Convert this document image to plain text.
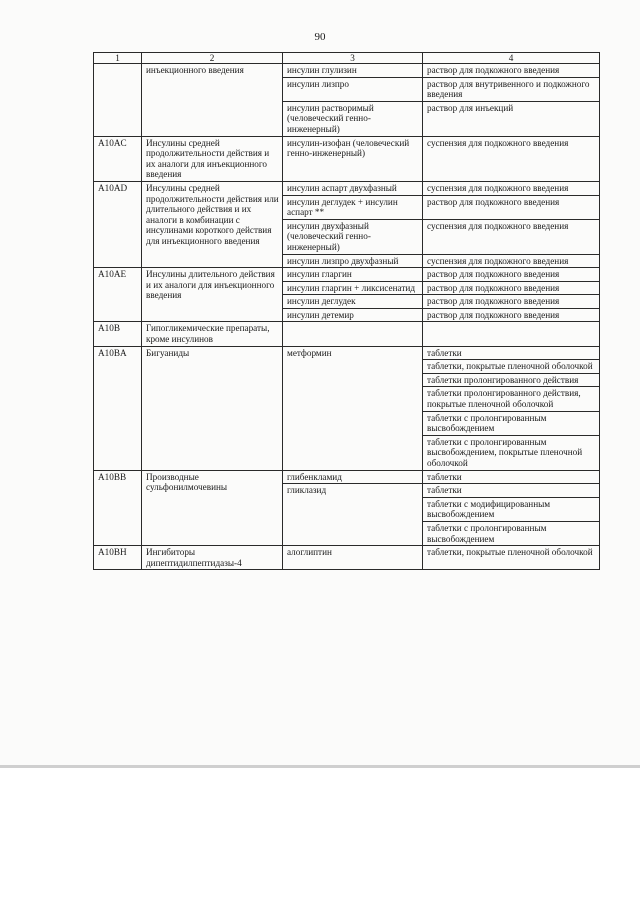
90
1	2	3	4
	инъекционного введения	инсулин глулизин	раствор для подкожного введения
		инсулин лизпро	раствор для внутривенного и подкожного введения
		инсулин растворимый (человеческий генно-инженерный)	раствор для инъекций
A10AC	Инсулины средней продолжительности действия и их аналоги для инъекционного введения	инсулин-изофан (человеческий генно-инженерный)	суспензия для подкожного введения
A10AD	Инсулины средней продолжительности действия или длительного действия и их аналоги в комбинации с инсулинами короткого действия для инъекционного введения	инсулин аспарт двухфазный	суспензия для подкожного введения
		инсулин деглудек + инсулин аспарт **	раствор для подкожного введения
		инсулин двухфазный (человеческий генно-инженерный)	суспензия для подкожного введения
		инсулин лизпро двухфазный	суспензия для подкожного введения
A10AE	Инсулины длительного действия и их аналоги для инъекционного введения	инсулин гларгин	раствор для подкожного введения
		инсулин гларгин + ликсисенатид	раствор для подкожного введения
		инсулин деглудек	раствор для подкожного введения
		инсулин детемир	раствор для подкожного введения
A10B	Гипогликемические препараты, кроме инсулинов		
A10BA	Бигуаниды	метформин	таблетки
			таблетки, покрытые пленочной оболочкой
			таблетки пролонгированного действия
			таблетки пролонгированного действия, покрытые пленочной оболочкой
			таблетки с пролонгированным высвобождением
			таблетки с пролонгированным высвобождением, покрытые пленочной оболочкой
A10BB	Производные сульфонилмочевины	глибенкламид	таблетки
		гликлазид	таблетки
			таблетки с модифицированным высвобождением
			таблетки с пролонгированным высвобождением
A10BH	Ингибиторы дипептидилпептидазы-4	алоглиптин	таблетки, покрытые пленочной оболочкой
